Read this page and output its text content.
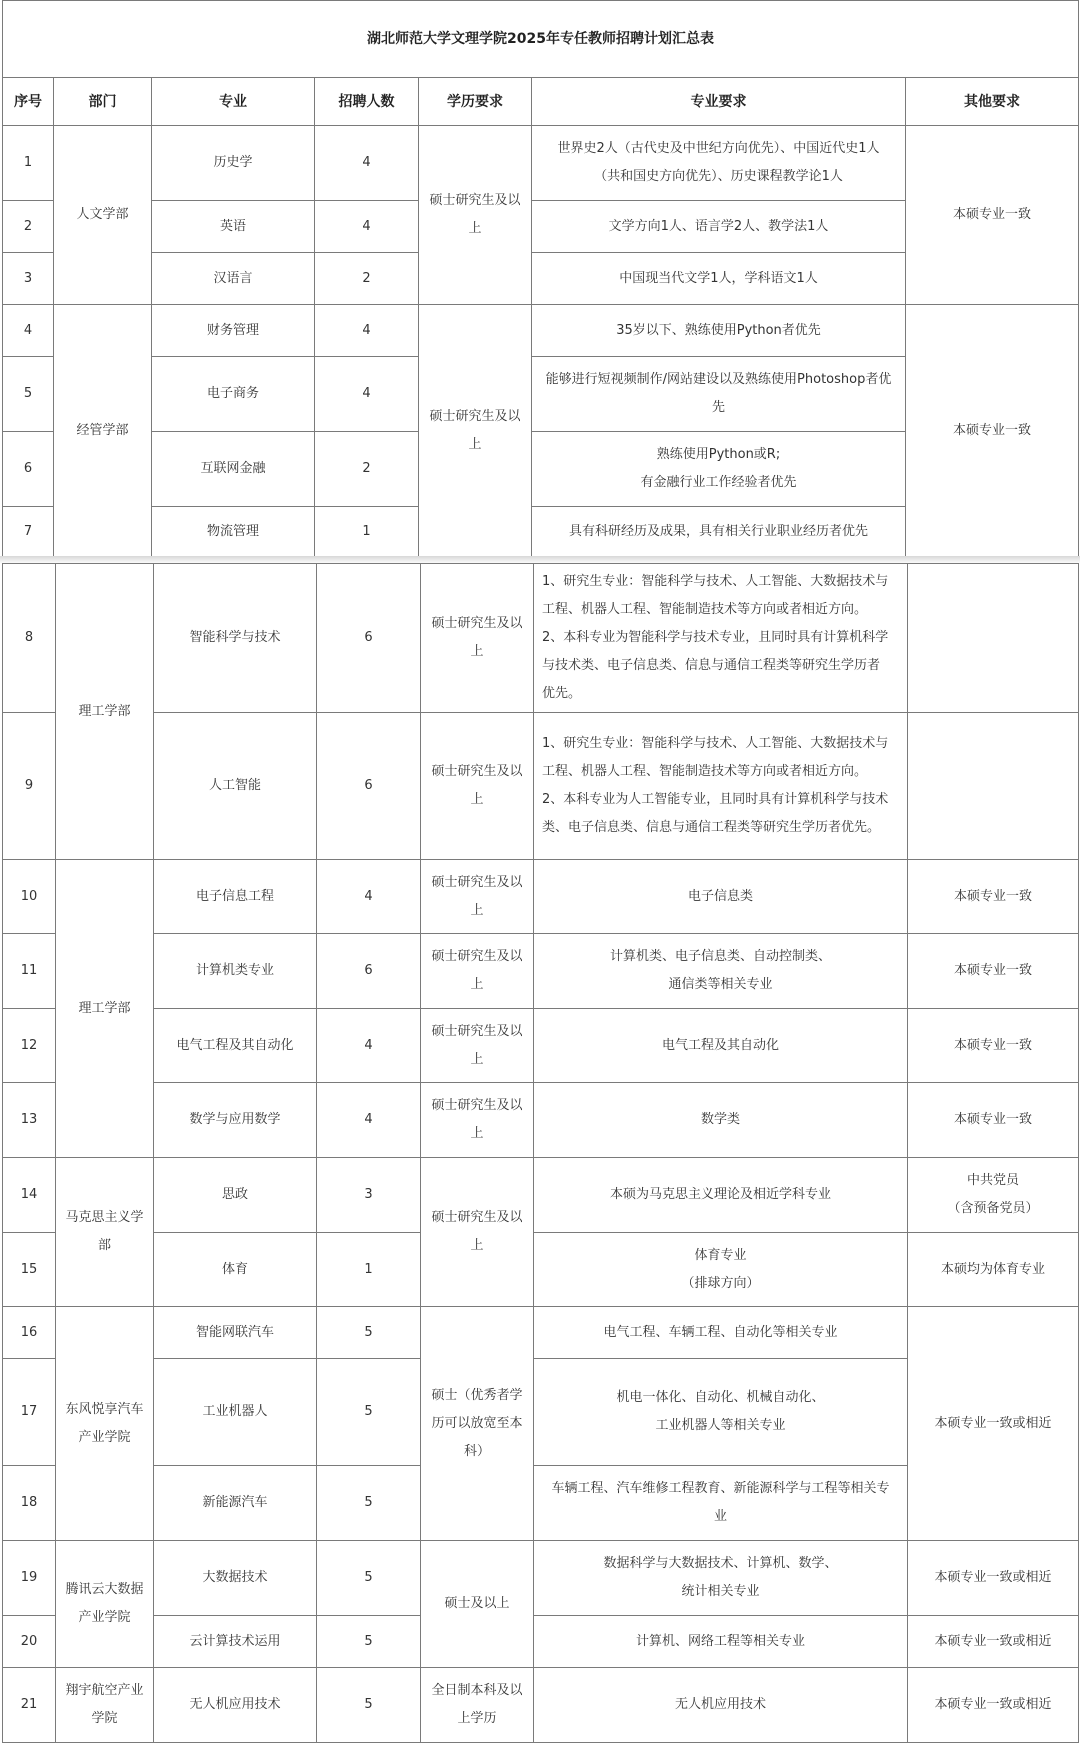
湖北师范大学文理学院2025年专任教师招聘计划汇总表						
序号	部门	专业	招聘人数	学历要求	专业要求	其他要求
1	人文学部	历史学	4	硕士研究生及以
上	世界史2人（古代史及中世纪方向优先）、中国近代史1人
（共和国史方向优先）、历史课程教学论1人	本硕专业一致
2		英语	4		文学方向1人、语言学2人、教学法1人	
3		汉语言	2		中国现当代文学1人，学科语文1人	
4	经管学部	财务管理	4	硕士研究生及以
上	35岁以下、熟练使用Python者优先	本硕专业一致
5		电子商务	4		能够进行短视频制作/网站建设以及熟练使用Photoshop者优
先	
6		互联网金融	2		熟练使用Python或R;
有金融行业工作经验者优先	
7		物流管理	1		具有科研经历及成果，具有相关行业职业经历者优先	
8	理工学部	智能科学与技术	6	硕士研究生及以
上	1、研究生专业：智能科学与技术、人工智能、大数据技术与
工程、机器人工程、智能制造技术等方向或者相近方向。
2、本科专业为智能科学与技术专业，且同时具有计算机科学
与技术类、电子信息类、信息与通信工程类等研究生学历者
优先。	
9		人工智能	6	硕士研究生及以
上	1、研究生专业：智能科学与技术、人工智能、大数据技术与
工程、机器人工程、智能制造技术等方向或者相近方向。
2、本科专业为人工智能专业，且同时具有计算机科学与技术
类、电子信息类、信息与通信工程类等研究生学历者优先。	
10	理工学部	电子信息工程	4	硕士研究生及以
上	电子信息类	本硕专业一致
11		计算机类专业	6	硕士研究生及以
上	计算机类、电子信息类、自动控制类、
通信类等相关专业	本硕专业一致
12		电气工程及其自动化	4	硕士研究生及以
上	电气工程及其自动化	本硕专业一致
13		数学与应用数学	4	硕士研究生及以
上	数学类	本硕专业一致
14	马克思主义学
部	思政	3	硕士研究生及以
上	本硕为马克思主义理论及相近学科专业	中共党员
（含预备党员）
15		体育	1		体育专业
（排球方向）	本硕均为体育专业
16	东风悦享汽车
产业学院	智能网联汽车	5	硕士（优秀者学
历可以放宽至本
科）	电气工程、车辆工程、自动化等相关专业	本硕专业一致或相近
17		工业机器人	5		机电一体化、自动化、机械自动化、
工业机器人等相关专业	
18		新能源汽车	5		车辆工程、汽车维修工程教育、新能源科学与工程等相关专
业	
19	腾讯云大数据
产业学院	大数据技术	5	硕士及以上	数据科学与大数据技术、计算机、数学、
统计相关专业	本硕专业一致或相近
20		云计算技术运用	5		计算机、网络工程等相关专业	本硕专业一致或相近
21	翔宇航空产业
学院	无人机应用技术	5	全日制本科及以
上学历	无人机应用技术	本硕专业一致或相近
